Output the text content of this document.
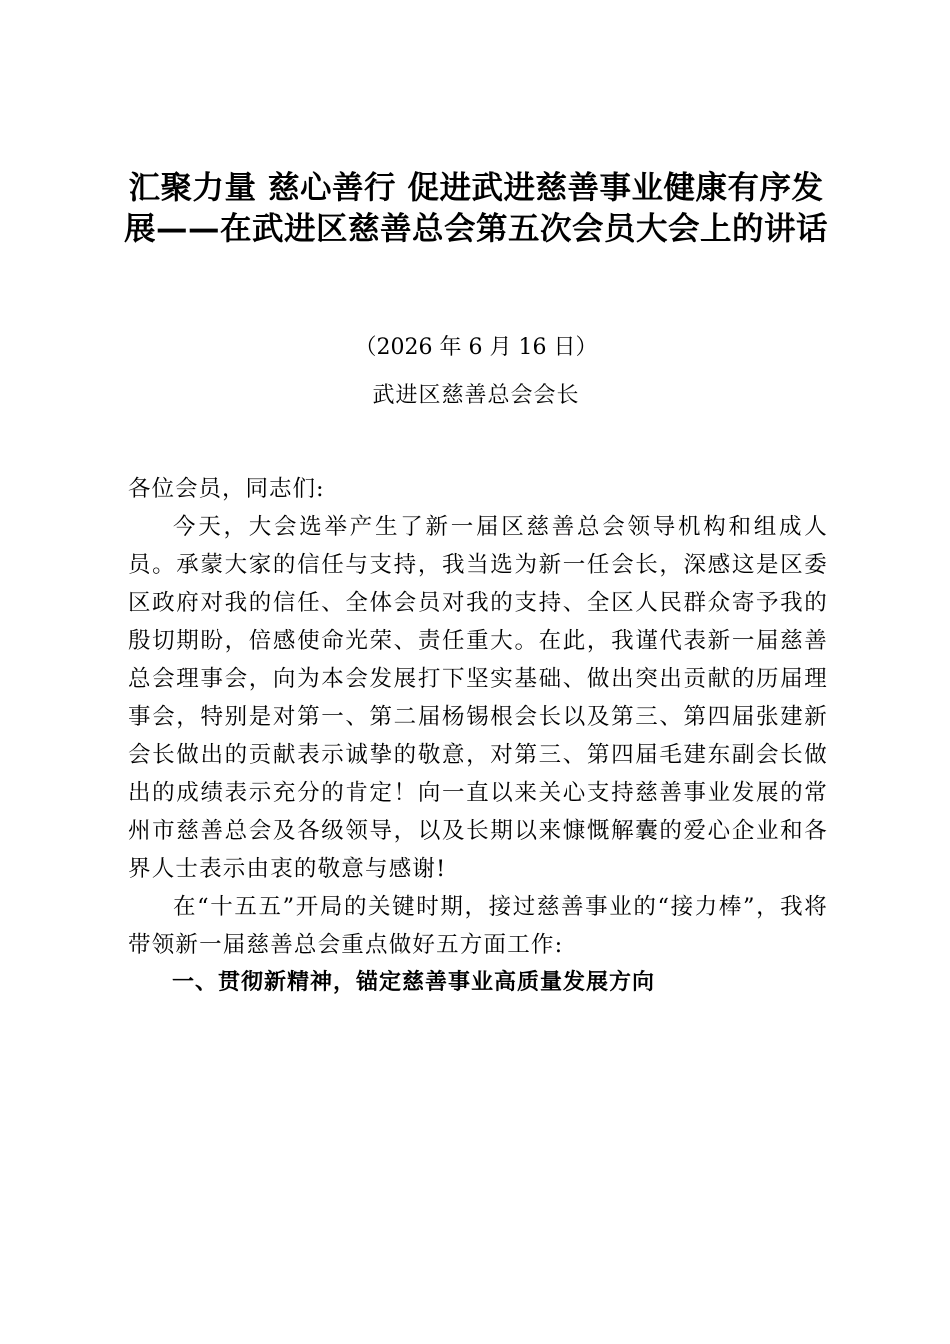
汇聚力量 慈心善行 促进武进慈善事业健康有序发展——在武进区慈善总会第五次会员大会上的讲话
（2026 年 6 月 16 日）
武进区慈善总会会长

各位会员，同志们:

今天，大会选举产生了新一届区慈善总会领导机构和组成人员。承蒙大家的信任与支持，我当选为新一任会长，深感这是区委区政府对我的信任、全体会员对我的支持、全区人民群众寄予我的殷切期盼，倍感使命光荣、责任重大。在此，我谨代表新一届慈善总会理事会，向为本会发展打下坚实基础、做出突出贡献的历届理事会，特别是对第一、第二届杨锡根会长以及第三、第四届张建新会长做出的贡献表示诚挚的敬意，对第三、第四届毛建东副会长做出的成绩表示充分的肯定！向一直以来关心支持慈善事业发展的常州市慈善总会及各级领导，以及长期以来慷慨解囊的爱心企业和各界人士表示由衷的敬意与感谢!

在“十五五”开局的关键时期，接过慈善事业的“接力棒”，我将带领新一届慈善总会重点做好五方面工作:

一、贯彻新精神，锚定慈善事业高质量发展方向
